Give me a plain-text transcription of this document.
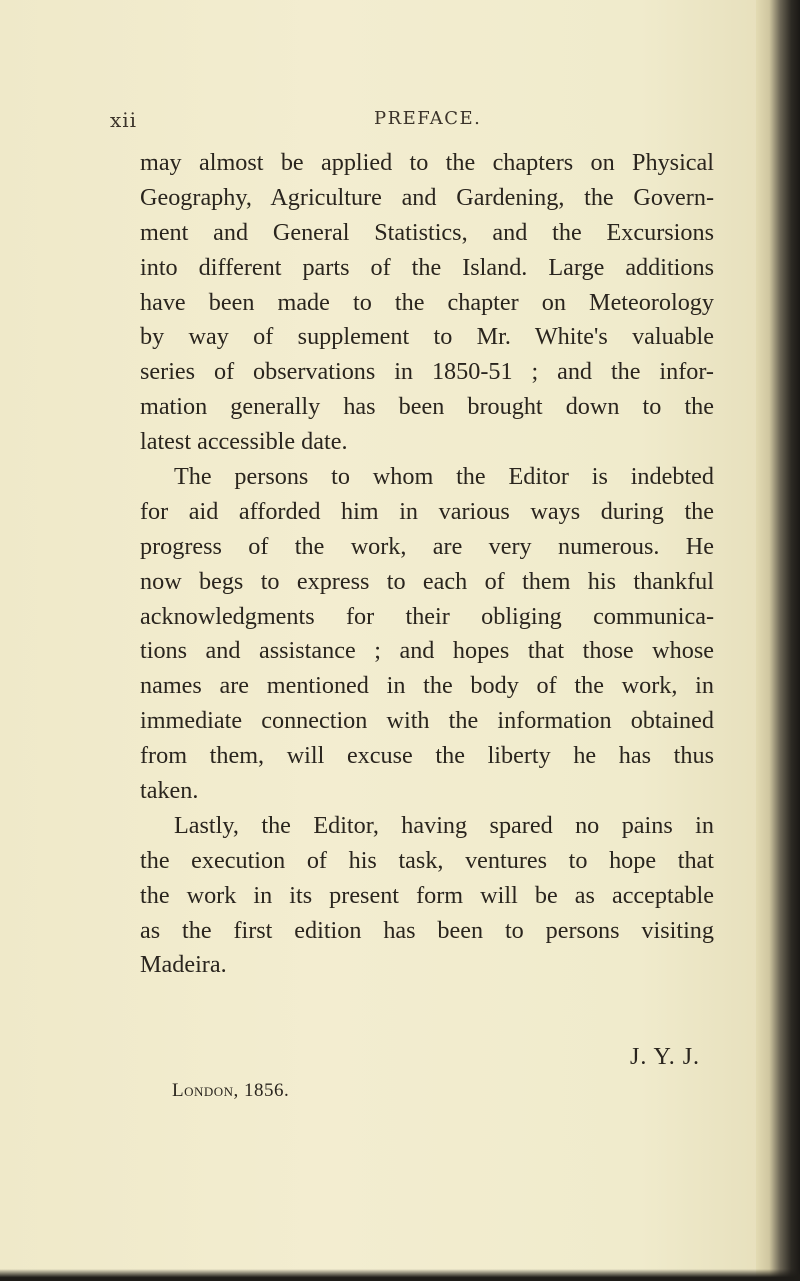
xii	PREFACE.
may almost be applied to the chapters on Physical
Geography, Agriculture and Gardening, the Govern-
ment and General Statistics, and the Excursions
into different parts of the Island. Large additions
have been made to the chapter on Meteorology
by way of supplement to Mr. White's valuable
series of observations in 1850-51 ; and the infor-
mation generally has been brought down to the
latest accessible date.
The persons to whom the Editor is indebted
for aid afforded him in various ways during the
progress of the work, are very numerous. He
now begs to express to each of them his thankful
acknowledgments for their obliging communica-
tions and assistance ; and hopes that those whose
names are mentioned in the body of the work, in
immediate connection with the information obtained
from them, will excuse the liberty he has thus
taken.
Lastly, the Editor, having spared no pains in
the execution of his task, ventures to hope that
the work in its present form will be as acceptable
as the first edition has been to persons visiting
Madeira.
J. Y. J.
London, 1856.
